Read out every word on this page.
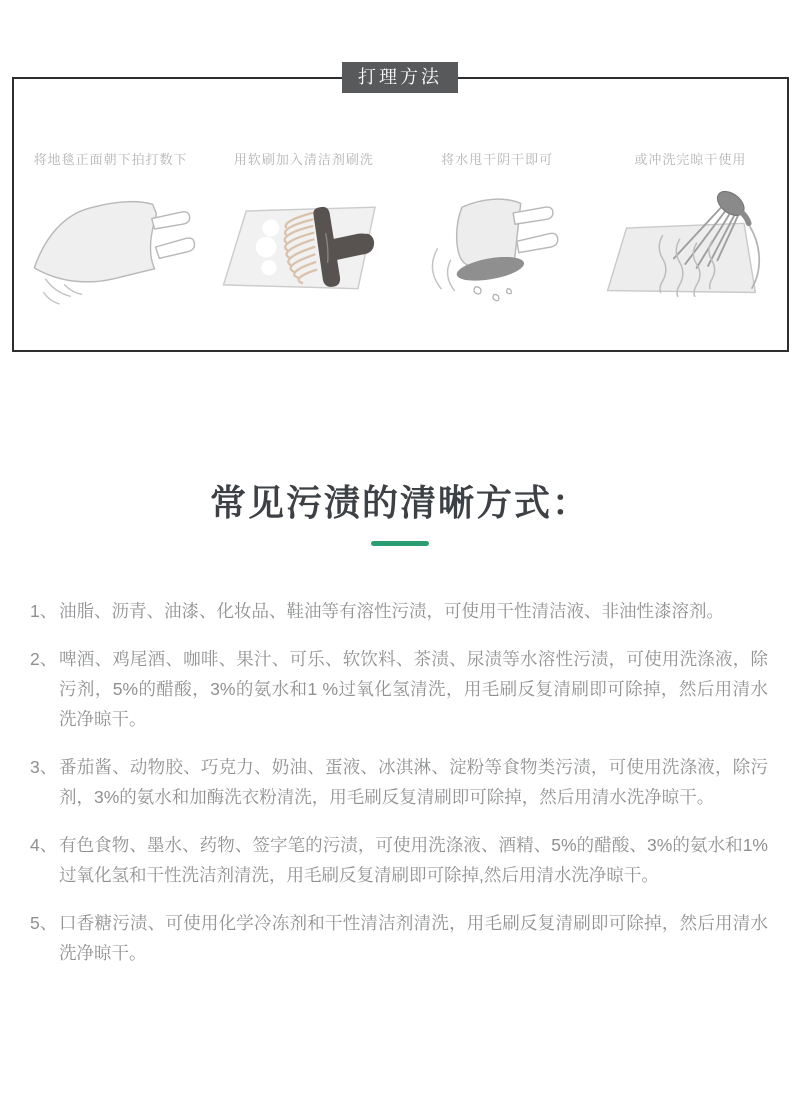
打理方法
将地毯正面朝下拍打数下	用软刷加入清洁剂刷洗	将水甩干阴干即可	或冲洗完晾干使用
常见污渍的清晰方式：
1、 油脂、沥青、油漆、化妆品、鞋油等有溶性污渍，可使用干性清洁液、非油性漆溶剂。
2、 啤酒、鸡尾酒、咖啡、果汁、可乐、软饮料、茶渍、尿渍等水溶性污渍，可使用洗涤液，除污剂，5%的醋酸，3%的氨水和1 %过氧化氢清洗，用毛刷反复清刷即可除掉，然后用清水洗净晾干。
3、 番茄酱、动物胶、巧克力、奶油、蛋液、冰淇淋、淀粉等食物类污渍，可使用洗涤液，除污剂，3%的氨水和加酶洗衣粉清洗，用毛刷反复清刷即可除掉，然后用清水洗净晾干。
4、 有色食物、墨水、药物、签字笔的污渍，可使用洗涤液、酒精、5%的醋酸、3%的氨水和1%过氧化氢和干性洗洁剂清洗，用毛刷反复清刷即可除掉,然后用清水洗净晾干。
5、 口香糖污渍、可使用化学冷冻剂和干性清洁剂清洗，用毛刷反复清刷即可除掉，然后用清水洗净晾干。
